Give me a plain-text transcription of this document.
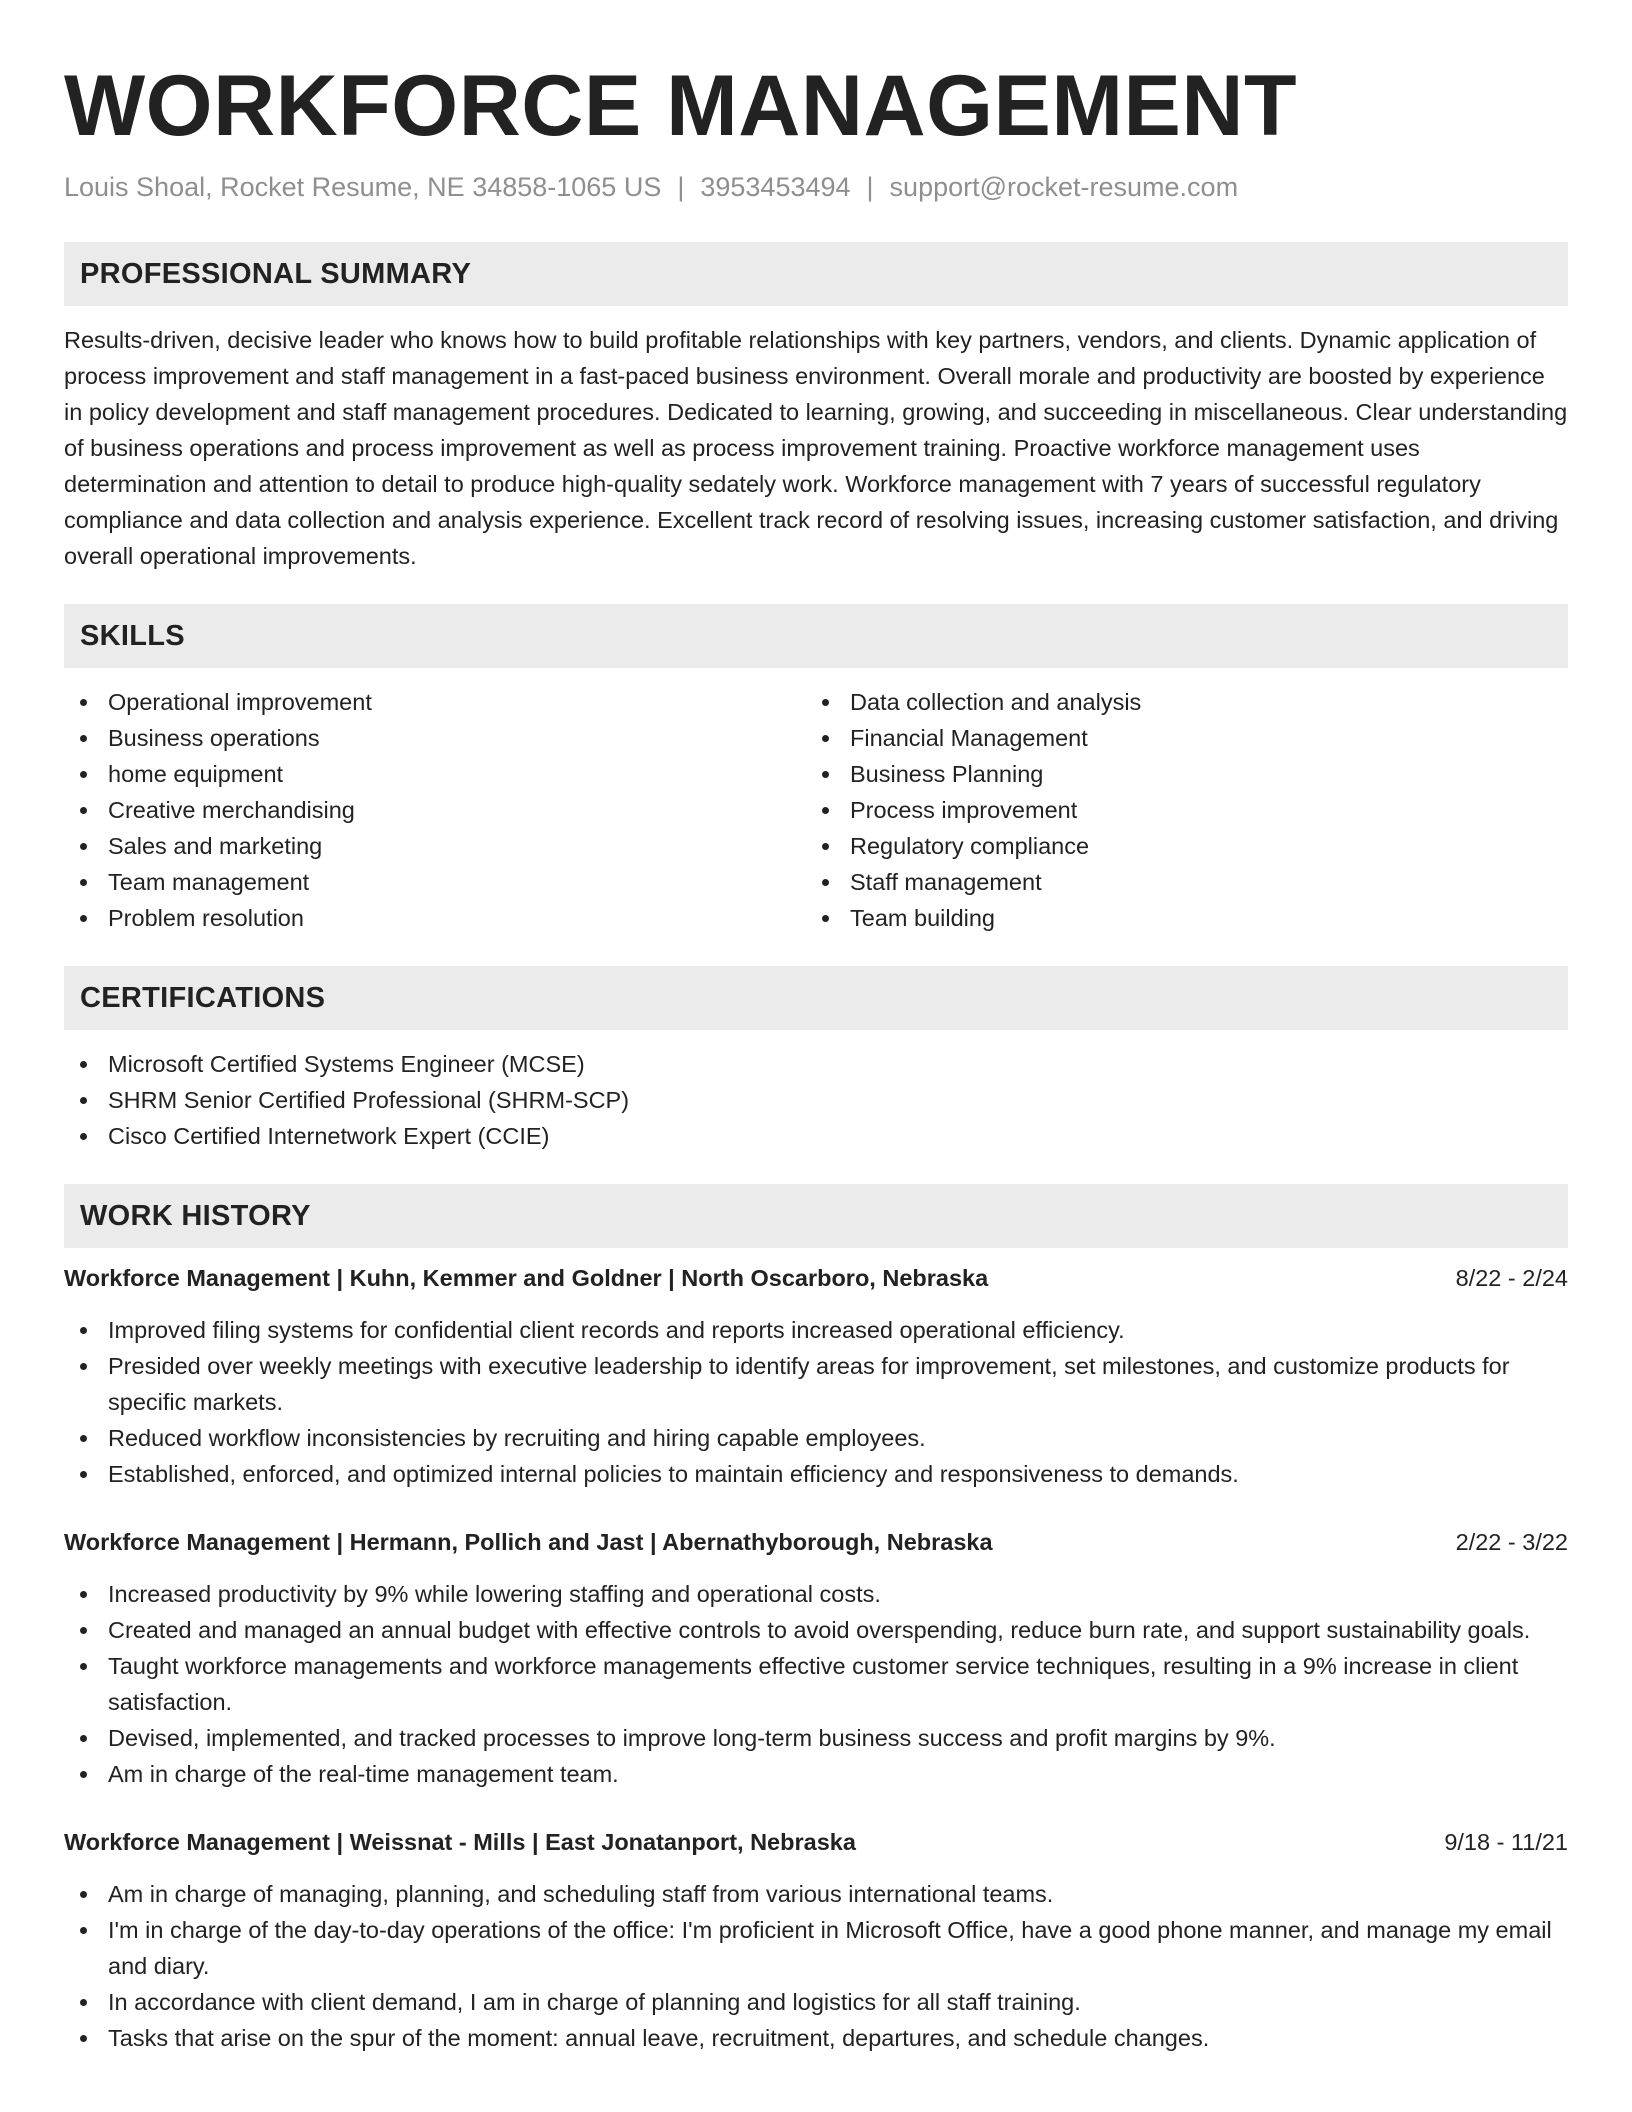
WORKFORCE MANAGEMENT
Louis Shoal, Rocket Resume, NE 34858-1065 US | 3953453494 | support@rocket-resume.com
PROFESSIONAL SUMMARY

Results-driven, decisive leader who knows how to build profitable relationships with key partners, vendors, and clients. Dynamic application of process improvement and staff management in a fast-paced business environment. Overall morale and productivity are boosted by experience in policy development and staff management procedures. Dedicated to learning, growing, and succeeding in miscellaneous. Clear understanding of business operations and process improvement as well as process improvement training. Proactive workforce management uses determination and attention to detail to produce high-quality sedately work. Workforce management with 7 years of successful regulatory compliance and data collection and analysis experience. Excellent track record of resolving issues, increasing customer satisfaction, and driving overall operational improvements.

SKILLS
Operational improvement
Business operations
home equipment
Creative merchandising
Sales and marketing
Team management
Problem resolution
Data collection and analysis
Financial Management
Business Planning
Process improvement
Regulatory compliance
Staff management
Team building
CERTIFICATIONS
Microsoft Certified Systems Engineer (MCSE)
SHRM Senior Certified Professional (SHRM-SCP)
Cisco Certified Internetwork Expert (CCIE)
WORK HISTORY
Workforce Management | Kuhn, Kemmer and Goldner | North Oscarboro, Nebraska	8/22 - 2/24
Improved filing systems for confidential client records and reports increased operational efficiency.
Presided over weekly meetings with executive leadership to identify areas for improvement, set milestones, and customize products for specific markets.
Reduced workflow inconsistencies by recruiting and hiring capable employees.
Established, enforced, and optimized internal policies to maintain efficiency and responsiveness to demands.
Workforce Management | Hermann, Pollich and Jast | Abernathyborough, Nebraska	2/22 - 3/22
Increased productivity by 9% while lowering staffing and operational costs.
Created and managed an annual budget with effective controls to avoid overspending, reduce burn rate, and support sustainability goals.
Taught workforce managements and workforce managements effective customer service techniques, resulting in a 9% increase in client satisfaction.
Devised, implemented, and tracked processes to improve long-term business success and profit margins by 9%.
Am in charge of the real-time management team.
Workforce Management | Weissnat - Mills | East Jonatanport, Nebraska	9/18 - 11/21
Am in charge of managing, planning, and scheduling staff from various international teams.
I'm in charge of the day-to-day operations of the office: I'm proficient in Microsoft Office, have a good phone manner, and manage my email and diary.
In accordance with client demand, I am in charge of planning and logistics for all staff training.
Tasks that arise on the spur of the moment: annual leave, recruitment, departures, and schedule changes.
